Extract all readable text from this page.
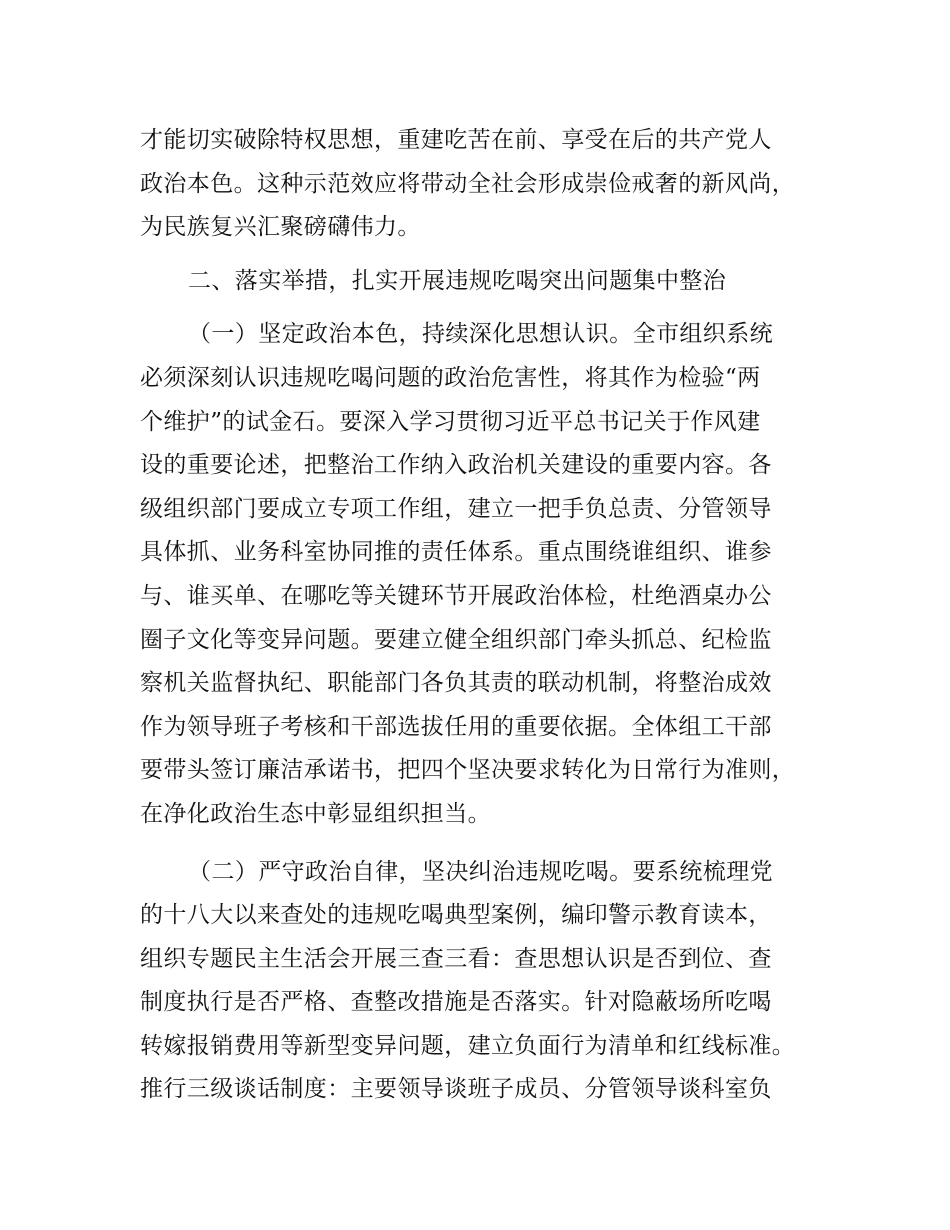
才能切实破除特权思想，重建吃苦在前、享受在后的共产党人
政治本色。这种示范效应将带动全社会形成崇俭戒奢的新风尚，
为民族复兴汇聚磅礴伟力。
二、落实举措，扎实开展违规吃喝突出问题集中整治
（一）坚定政治本色，持续深化思想认识。全市组织系统
必须深刻认识违规吃喝问题的政治危害性，将其作为检验“两
个维护”的试金石。要深入学习贯彻习近平总书记关于作风建
设的重要论述，把整治工作纳入政治机关建设的重要内容。各
级组织部门要成立专项工作组，建立一把手负总责、分管领导
具体抓、业务科室协同推的责任体系。重点围绕谁组织、谁参
与、谁买单、在哪吃等关键环节开展政治体检，杜绝酒桌办公
圈子文化等变异问题。要建立健全组织部门牵头抓总、纪检监
察机关监督执纪、职能部门各负其责的联动机制，将整治成效
作为领导班子考核和干部选拔任用的重要依据。全体组工干部
要带头签订廉洁承诺书，把四个坚决要求转化为日常行为准则，
在净化政治生态中彰显组织担当。
（二）严守政治自律，坚决纠治违规吃喝。要系统梳理党
的十八大以来查处的违规吃喝典型案例，编印警示教育读本，
组织专题民主生活会开展三查三看：查思想认识是否到位、查
制度执行是否严格、查整改措施是否落实。针对隐蔽场所吃喝
转嫁报销费用等新型变异问题，建立负面行为清单和红线标准。
推行三级谈话制度：主要领导谈班子成员、分管领导谈科室负
